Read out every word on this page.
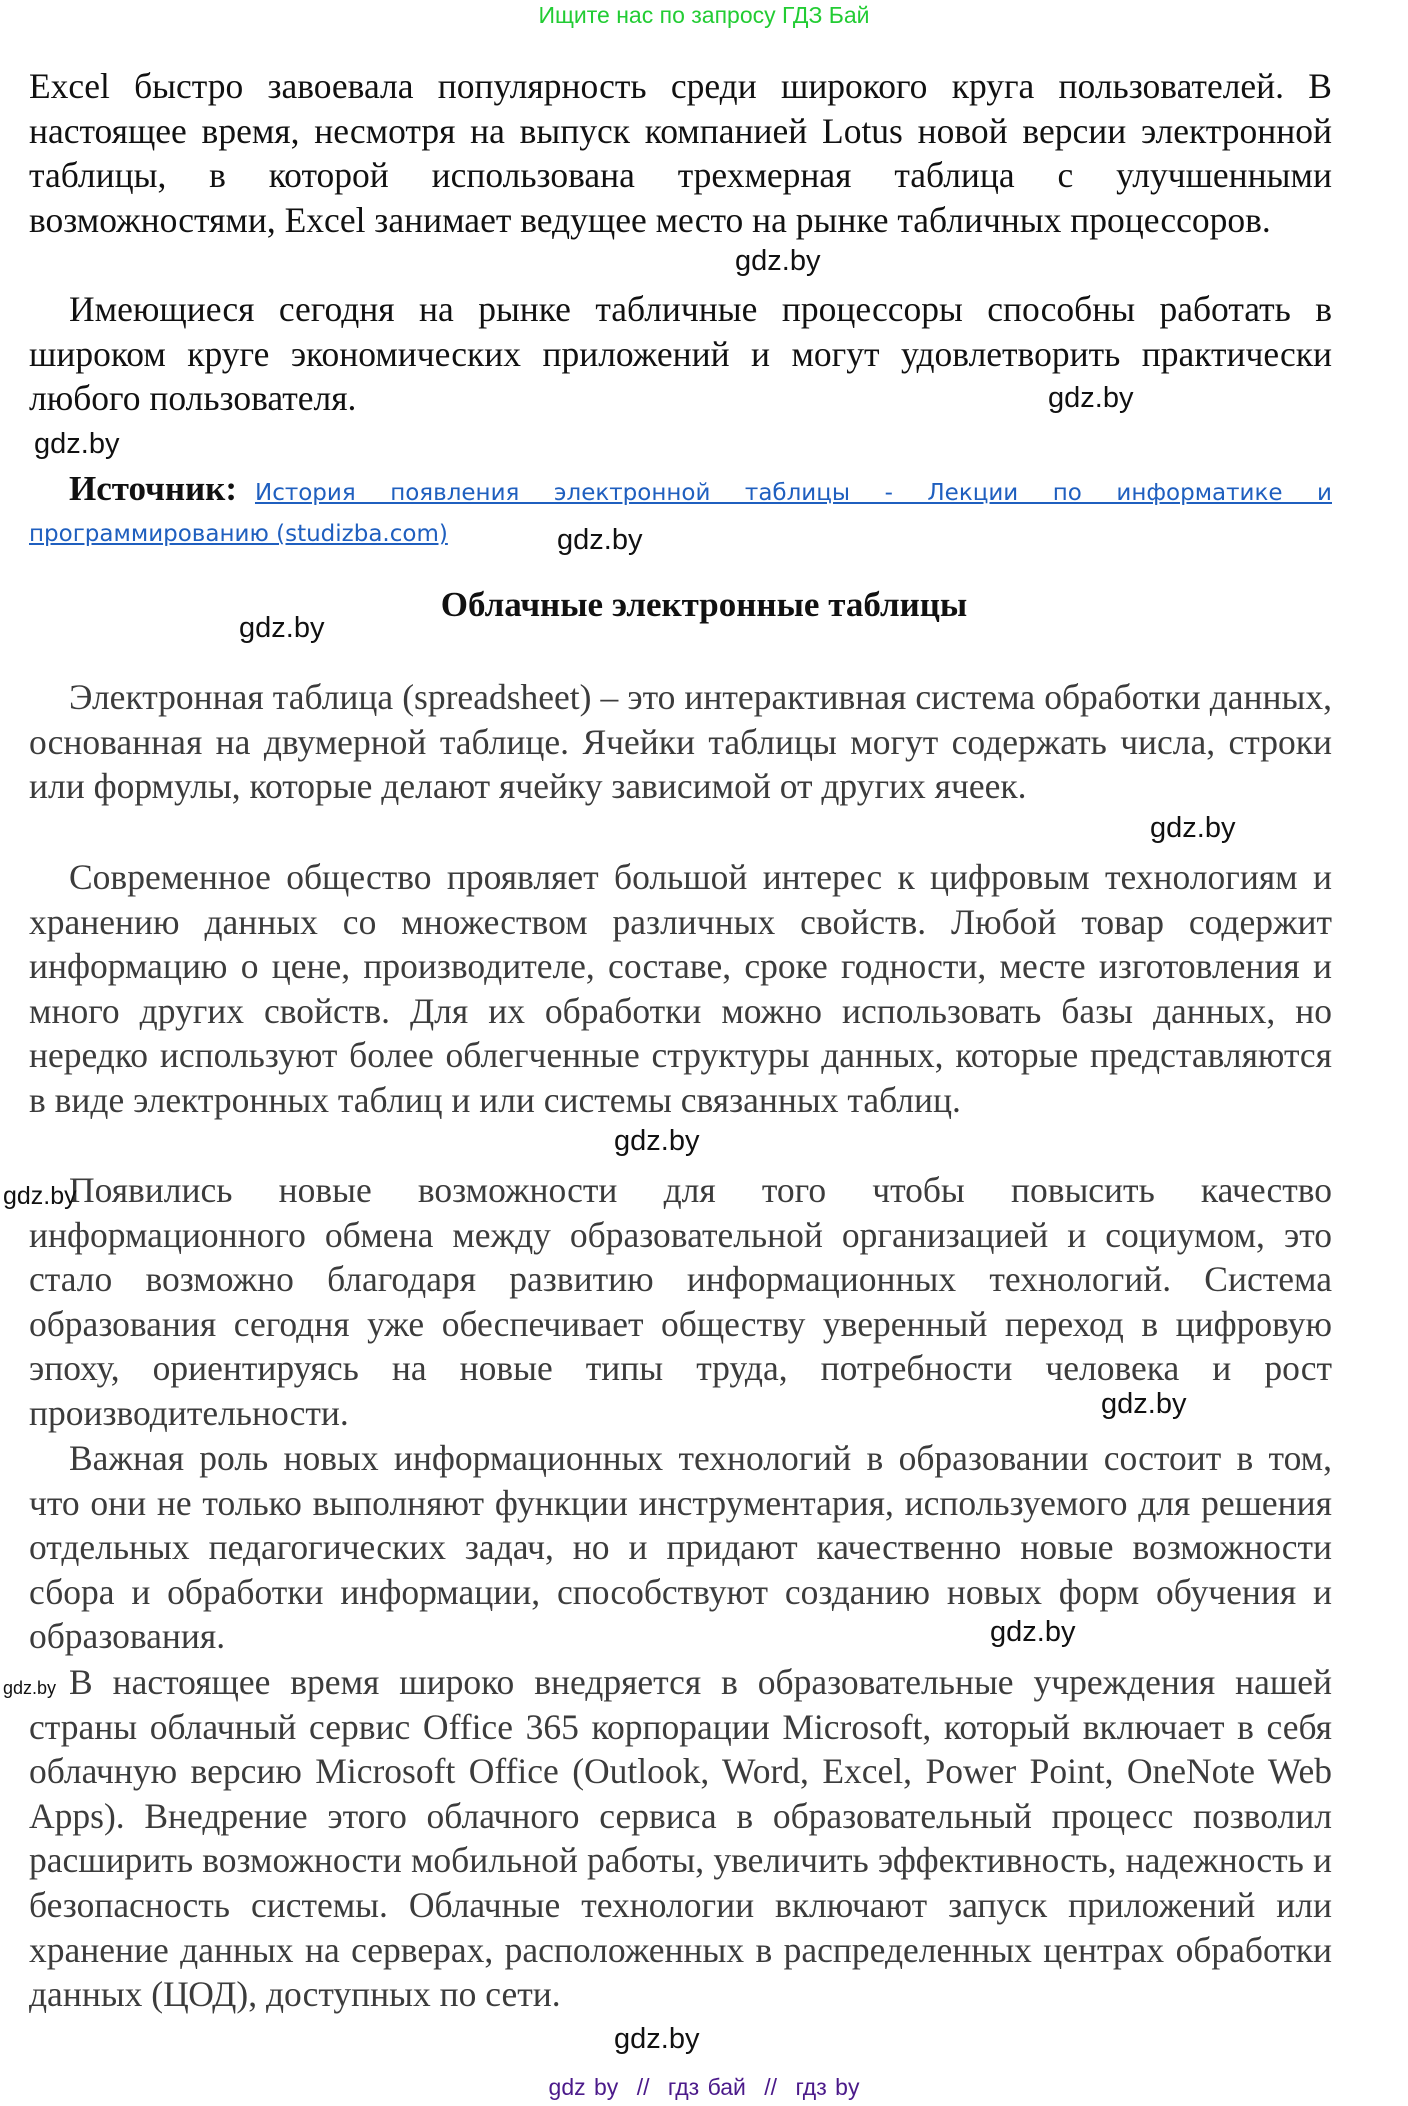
Ищите нас по запросу ГДЗ Бай

Excel быстро завоевала популярность среди широкого круга пользователей. В настоящее время, несмотря на выпуск компанией Lotus новой версии электронной таблицы, в которой использована трехмерная таблица с улучшенными возможностями, Excel занимает ведущее место на рынке табличных процессоров.

Имеющиеся сегодня на рынке табличные процессоры способны работать в широком круге экономических приложений и могут удовлетворить практически любого пользователя.

Источник: История появления электронной таблицы - Лекции по информатике и программированию (studizba.com)
Облачные электронные таблицы

Электронная таблица (spreadsheet) – это интерактивная система обработки данных, основанная на двумерной таблице. Ячейки таблицы могут содержать числа, строки или формулы, которые делают ячейку зависимой от других ячеек.

Современное общество проявляет большой интерес к цифровым технологиям и хранению данных со множеством различных свойств. Любой товар содержит информацию о цене, производителе, составе, сроке годности, месте изготовления и много других свойств. Для их обработки можно использовать базы данных, но нередко используют более облегченные структуры данных, которые представляются в виде электронных таблиц и или системы связанных таблиц.

Появились новые возможности для того чтобы повысить качество информационного обмена между образовательной организацией и социумом, это стало возможно благодаря развитию информационных технологий. Система образования сегодня уже обеспечивает обществу уверенный переход в цифровую эпоху, ориентируясь на новые типы труда, потребности человека и рост производительности.

Важная роль новых информационных технологий в образовании состоит в том, что они не только выполняют функции инструментария, используемого для решения отдельных педагогических задач, но и придают качественно новые возможности сбора и обработки информации, способствуют созданию новых форм обучения и образования.

В настоящее время широко внедряется в образовательные учреждения нашей страны облачный сервис Office 365 корпорации Microsoft, который включает в себя облачную версию Microsoft Office (Outlook, Word, Excel, Power Point, OneNote Web Apps). Внедрение этого облачного сервиса в образовательный процесс позволил расширить возможности мобильной работы, увеличить эффективность, надежность и безопасность системы. Облачные технологии включают запуск приложений или хранение данных на серверах, расположенных в распределенных центрах обработки данных (ЦОД), доступных по сети.

gdz.by
gdz.by
gdz.by
gdz.by
gdz.by
gdz.by
gdz.by
gdz.by
gdz.by
gdz.by
gdz.by
gdz.by
gdz by // гдз бай // гдз by
